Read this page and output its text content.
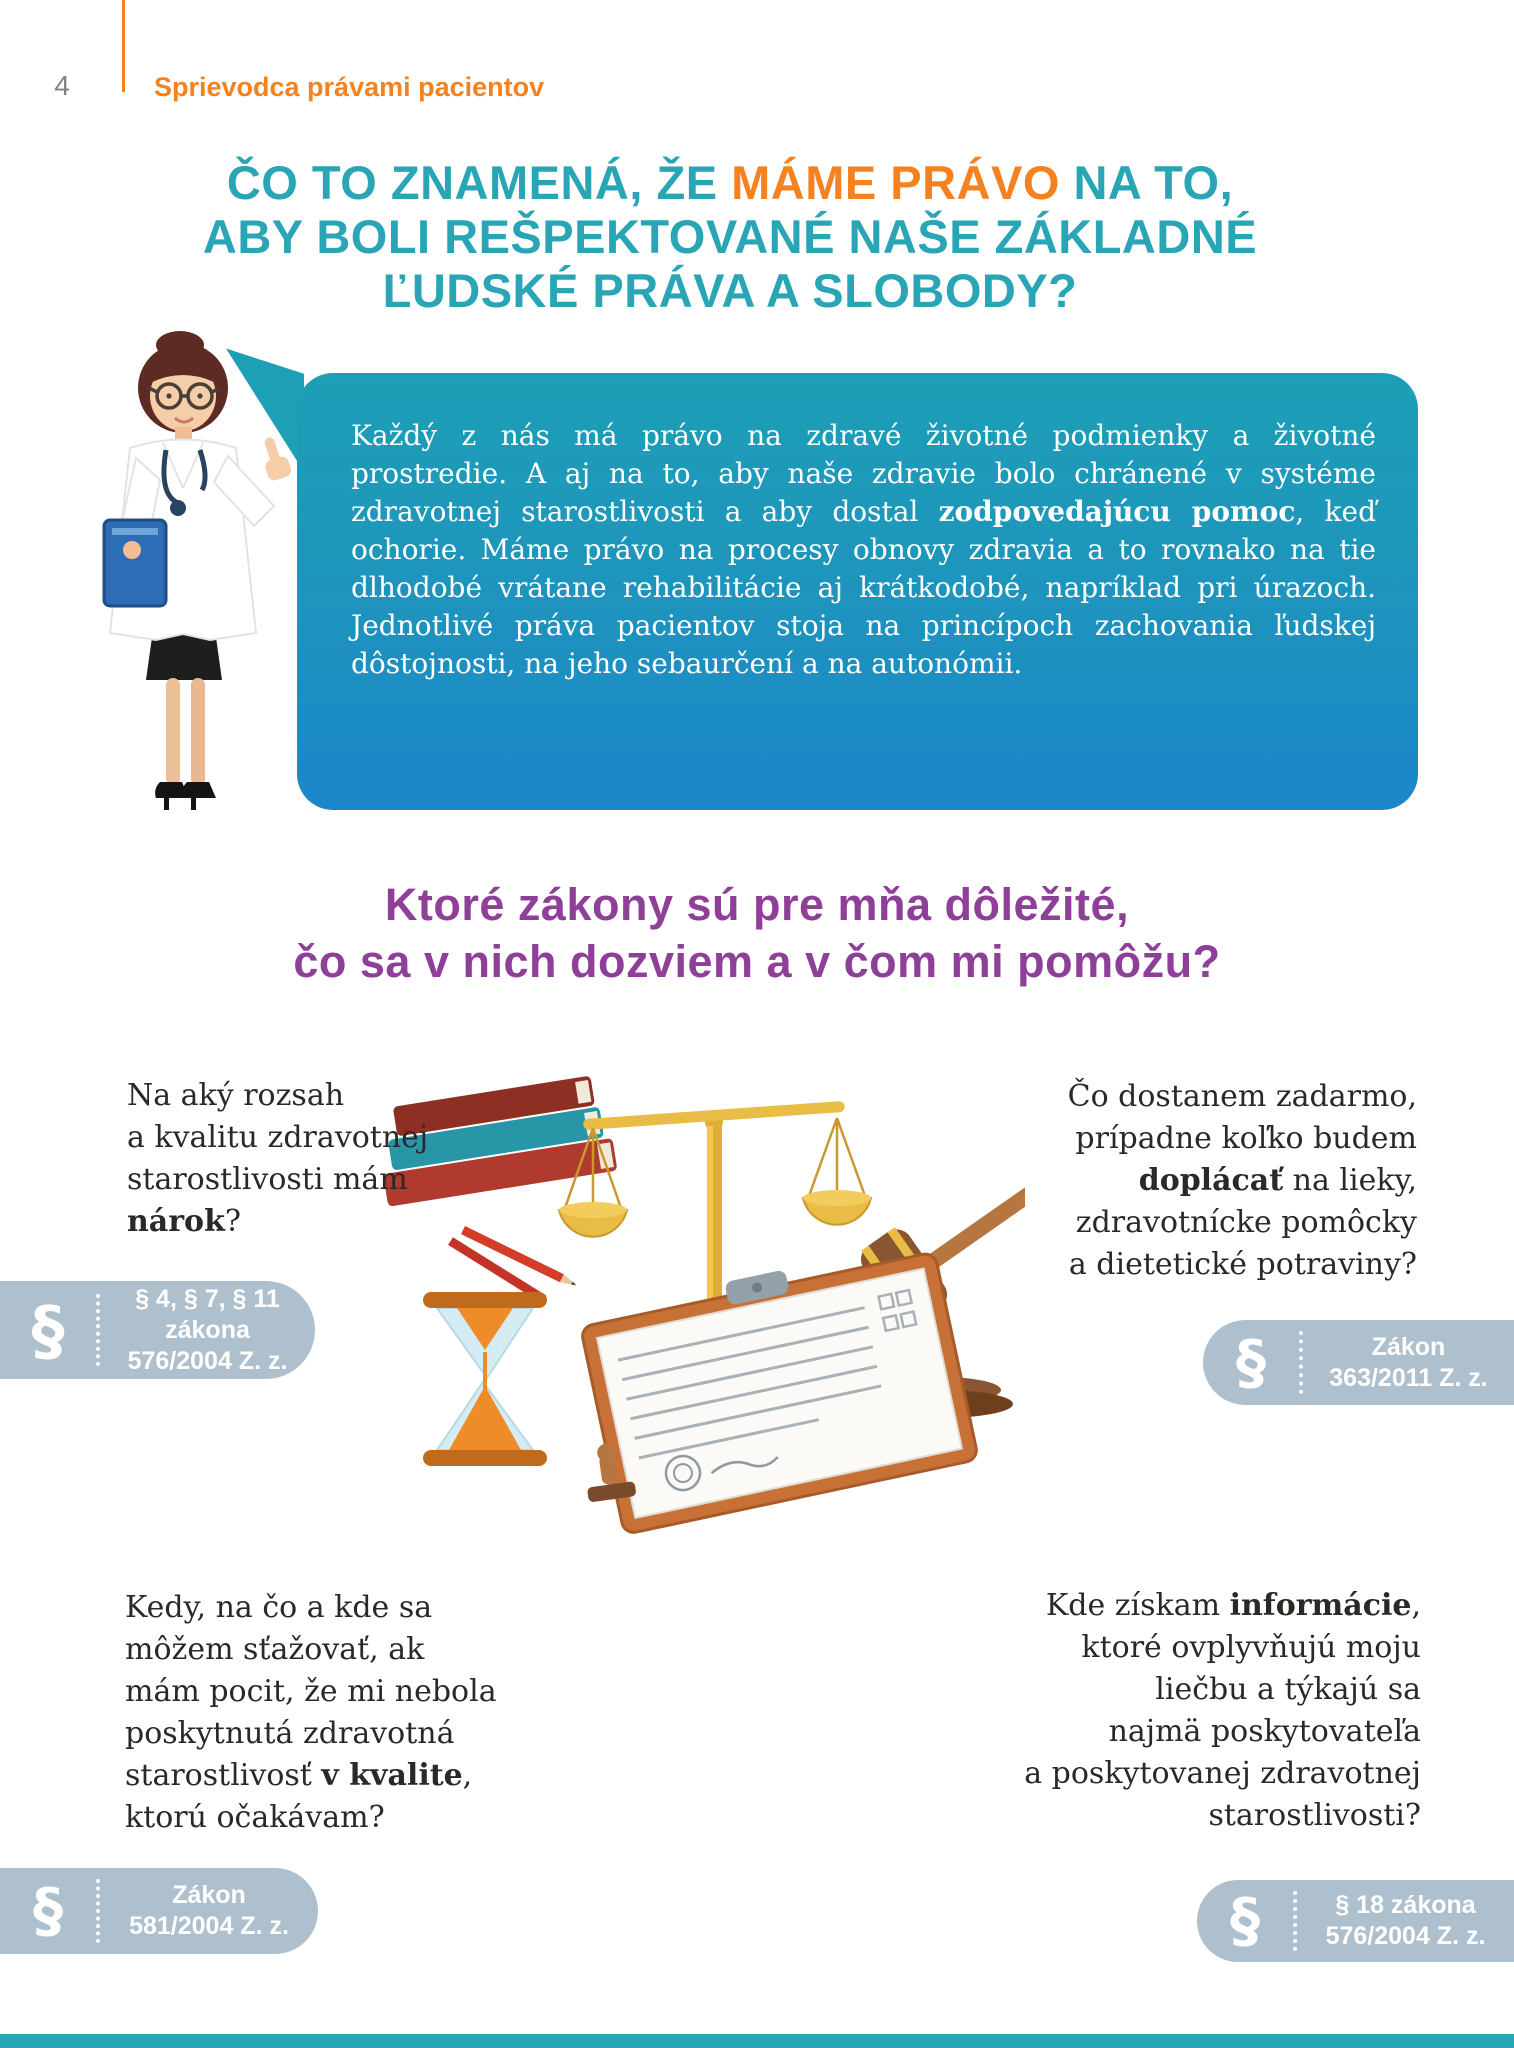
4	Sprievodca právami pacientov
ČO TO ZNAMENÁ, ŽE MÁME PRÁVO NA TO,
ABY BOLI REŠPEKTOVANÉ NAŠE ZÁKLADNÉ
ĽUDSKÉ PRÁVA A SLOBODY?
Každý z nás má právo na zdravé životné podmienky a životné prostredie. A aj na to, aby naše zdravie bolo chránené v systéme zdravotnej starostlivosti a aby dostal zodpovedajúcu pomoc, keď ochorie. Máme právo na procesy obnovy zdravia a to rovnako na tie dlhodobé vrátane rehabilitácie aj krátkodobé, napríklad pri úrazoch. Jednotlivé práva pacientov stoja na princípoch zachovania ľudskej dôstojnosti, na jeho sebaurčení a na autonómii.
Ktoré zákony sú pre mňa dôležité,
čo sa v nich dozviem a v čom mi pomôžu?
Na aký rozsah
a kvalitu zdravotnej
starostlivosti mám
nárok?
§	§ 4, § 7, § 11
zákona
576/2004 Z. z.
Čo dostanem zadarmo,
prípadne koľko budem
doplácať na lieky,
zdravotnícke pomôcky
a dietetické potraviny?
§	Zákon
363/2011 Z. z.
Kedy, na čo a kde sa
môžem sťažovať, ak
mám pocit, že mi nebola
poskytnutá zdravotná
starostlivosť v kvalite,
ktorú očakávam?
§	Zákon
581/2004 Z. z.
Kde získam informácie,
ktoré ovplyvňujú moju
liečbu a týkajú sa
najmä poskytovateľa
a poskytovanej zdravotnej
starostlivosti?
§	§ 18 zákona
576/2004 Z. z.
